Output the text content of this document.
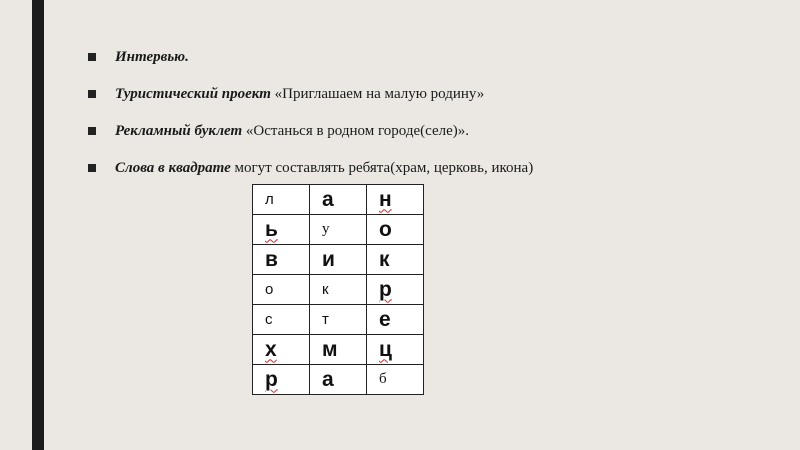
Интервью.
Туристический проект «Приглашаем на малую родину»
Рекламный буклет «Останься в родном городе(селе)».
Слова в квадрате могут составлять ребята(храм, церковь, икона)
л	а	н
ь	у	о
в	и	к
о	к	р
с	т	е
х	м	ц
р	а	б
